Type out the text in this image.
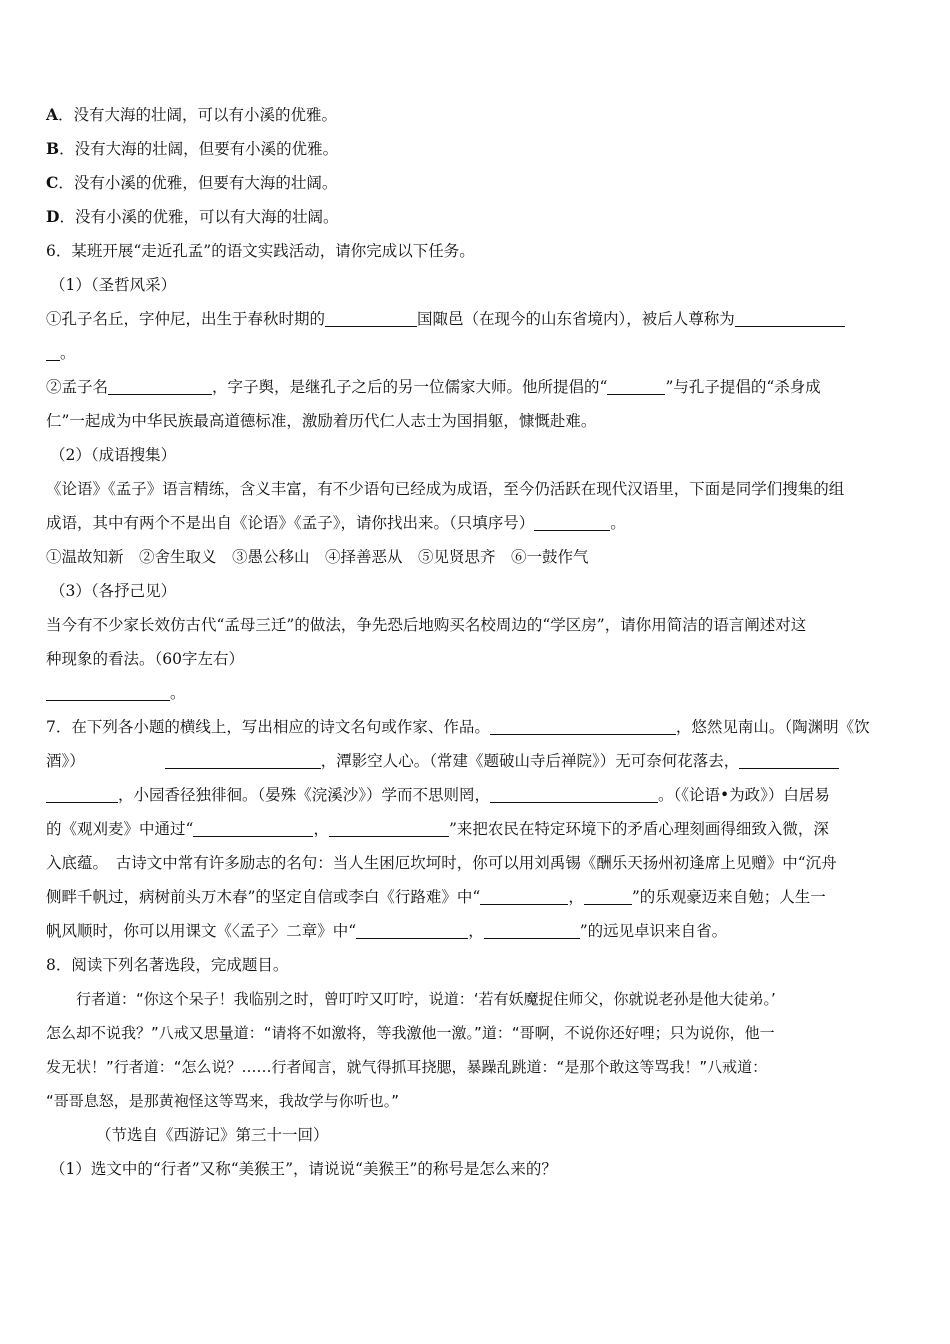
A．没有大海的壮阔，可以有小溪的优雅。
B．没有大海的壮阔，但要有小溪的优雅。
C．没有小溪的优雅，但要有大海的壮阔。
D．没有小溪的优雅，可以有大海的壮阔。
6．某班开展“走近孔孟”的语文实践活动，请你完成以下任务。
（1）（圣哲风采）
①孔子名丘，字仲尼，出生于春秋时期的	国陬邑（在现今的山东省境内），被后人尊称为
。
②孟子名	，字子舆，是继孔子之后的另一位儒家大师。他所提倡的“	”与孔子提倡的“杀身成
仁”一起成为中华民族最高道德标准，激励着历代仁人志士为国捐躯，慷慨赴难。
（2）（成语搜集）
《论语》《孟子》语言精练，含义丰富，有不少语句已经成为成语，至今仍活跃在现代汉语里，下面是同学们搜集的组
成语，其中有两个不是出自《论语》《孟子》，请你找出来。（只填序号）	。
①温故知新　②舍生取义　③愚公移山　④择善恶从　⑤见贤思齐　⑥一鼓作气
（3）（各抒己见）
当今有不少家长效仿古代“孟母三迁”的做法，争先恐后地购买名校周边的“学区房”，请你用简洁的语言阐述对这
种现象的看法。（60字左右）
。
7．在下列各小题的横线上，写出相应的诗文名句或作家、作品。	，悠然见南山。（陶渊明《饮
酒》）	，潭影空人心。（常建《题破山寺后禅院》）无可奈何花落去，
，小园香径独徘徊。（晏殊《浣溪沙》）学而不思则罔，	。（《论语•为政》）白居易
的《观刈麦》中通过“	，	”来把农民在特定环境下的矛盾心理刻画得细致入微，深
入底蕴。　古诗文中常有许多励志的名句：当人生困厄坎坷时，你可以用刘禹锡《酬乐天扬州初逢席上见赠》中“沉舟
侧畔千帆过，病树前头万木春”的坚定自信或李白《行路难》中“	，	”的乐观豪迈来自勉；人生一
帆风顺时，你可以用课文《〈孟子〉二章》中“	，	”的远见卓识来自省。
8．阅读下列名著选段，完成题目。
行者道：“你这个呆子！我临别之时，曾叮咛又叮咛，说道：‘若有妖魔捉住师父，你就说老孙是他大徒弟。’
怎么却不说我？”八戒又思量道：“请将不如激将，等我激他一激。”道：“哥啊，不说你还好哩；只为说你，他一
发无状！”行者道：“怎么说？……行者闻言，就气得抓耳挠腮，暴躁乱跳道：“是那个敢这等骂我！”八戒道：
“哥哥息怒，是那黄袍怪这等骂来，我故学与你听也。”
（节选自《西游记》第三十一回）
（1）选文中的“行者”又称“美猴王”，请说说“美猴王”的称号是怎么来的？
